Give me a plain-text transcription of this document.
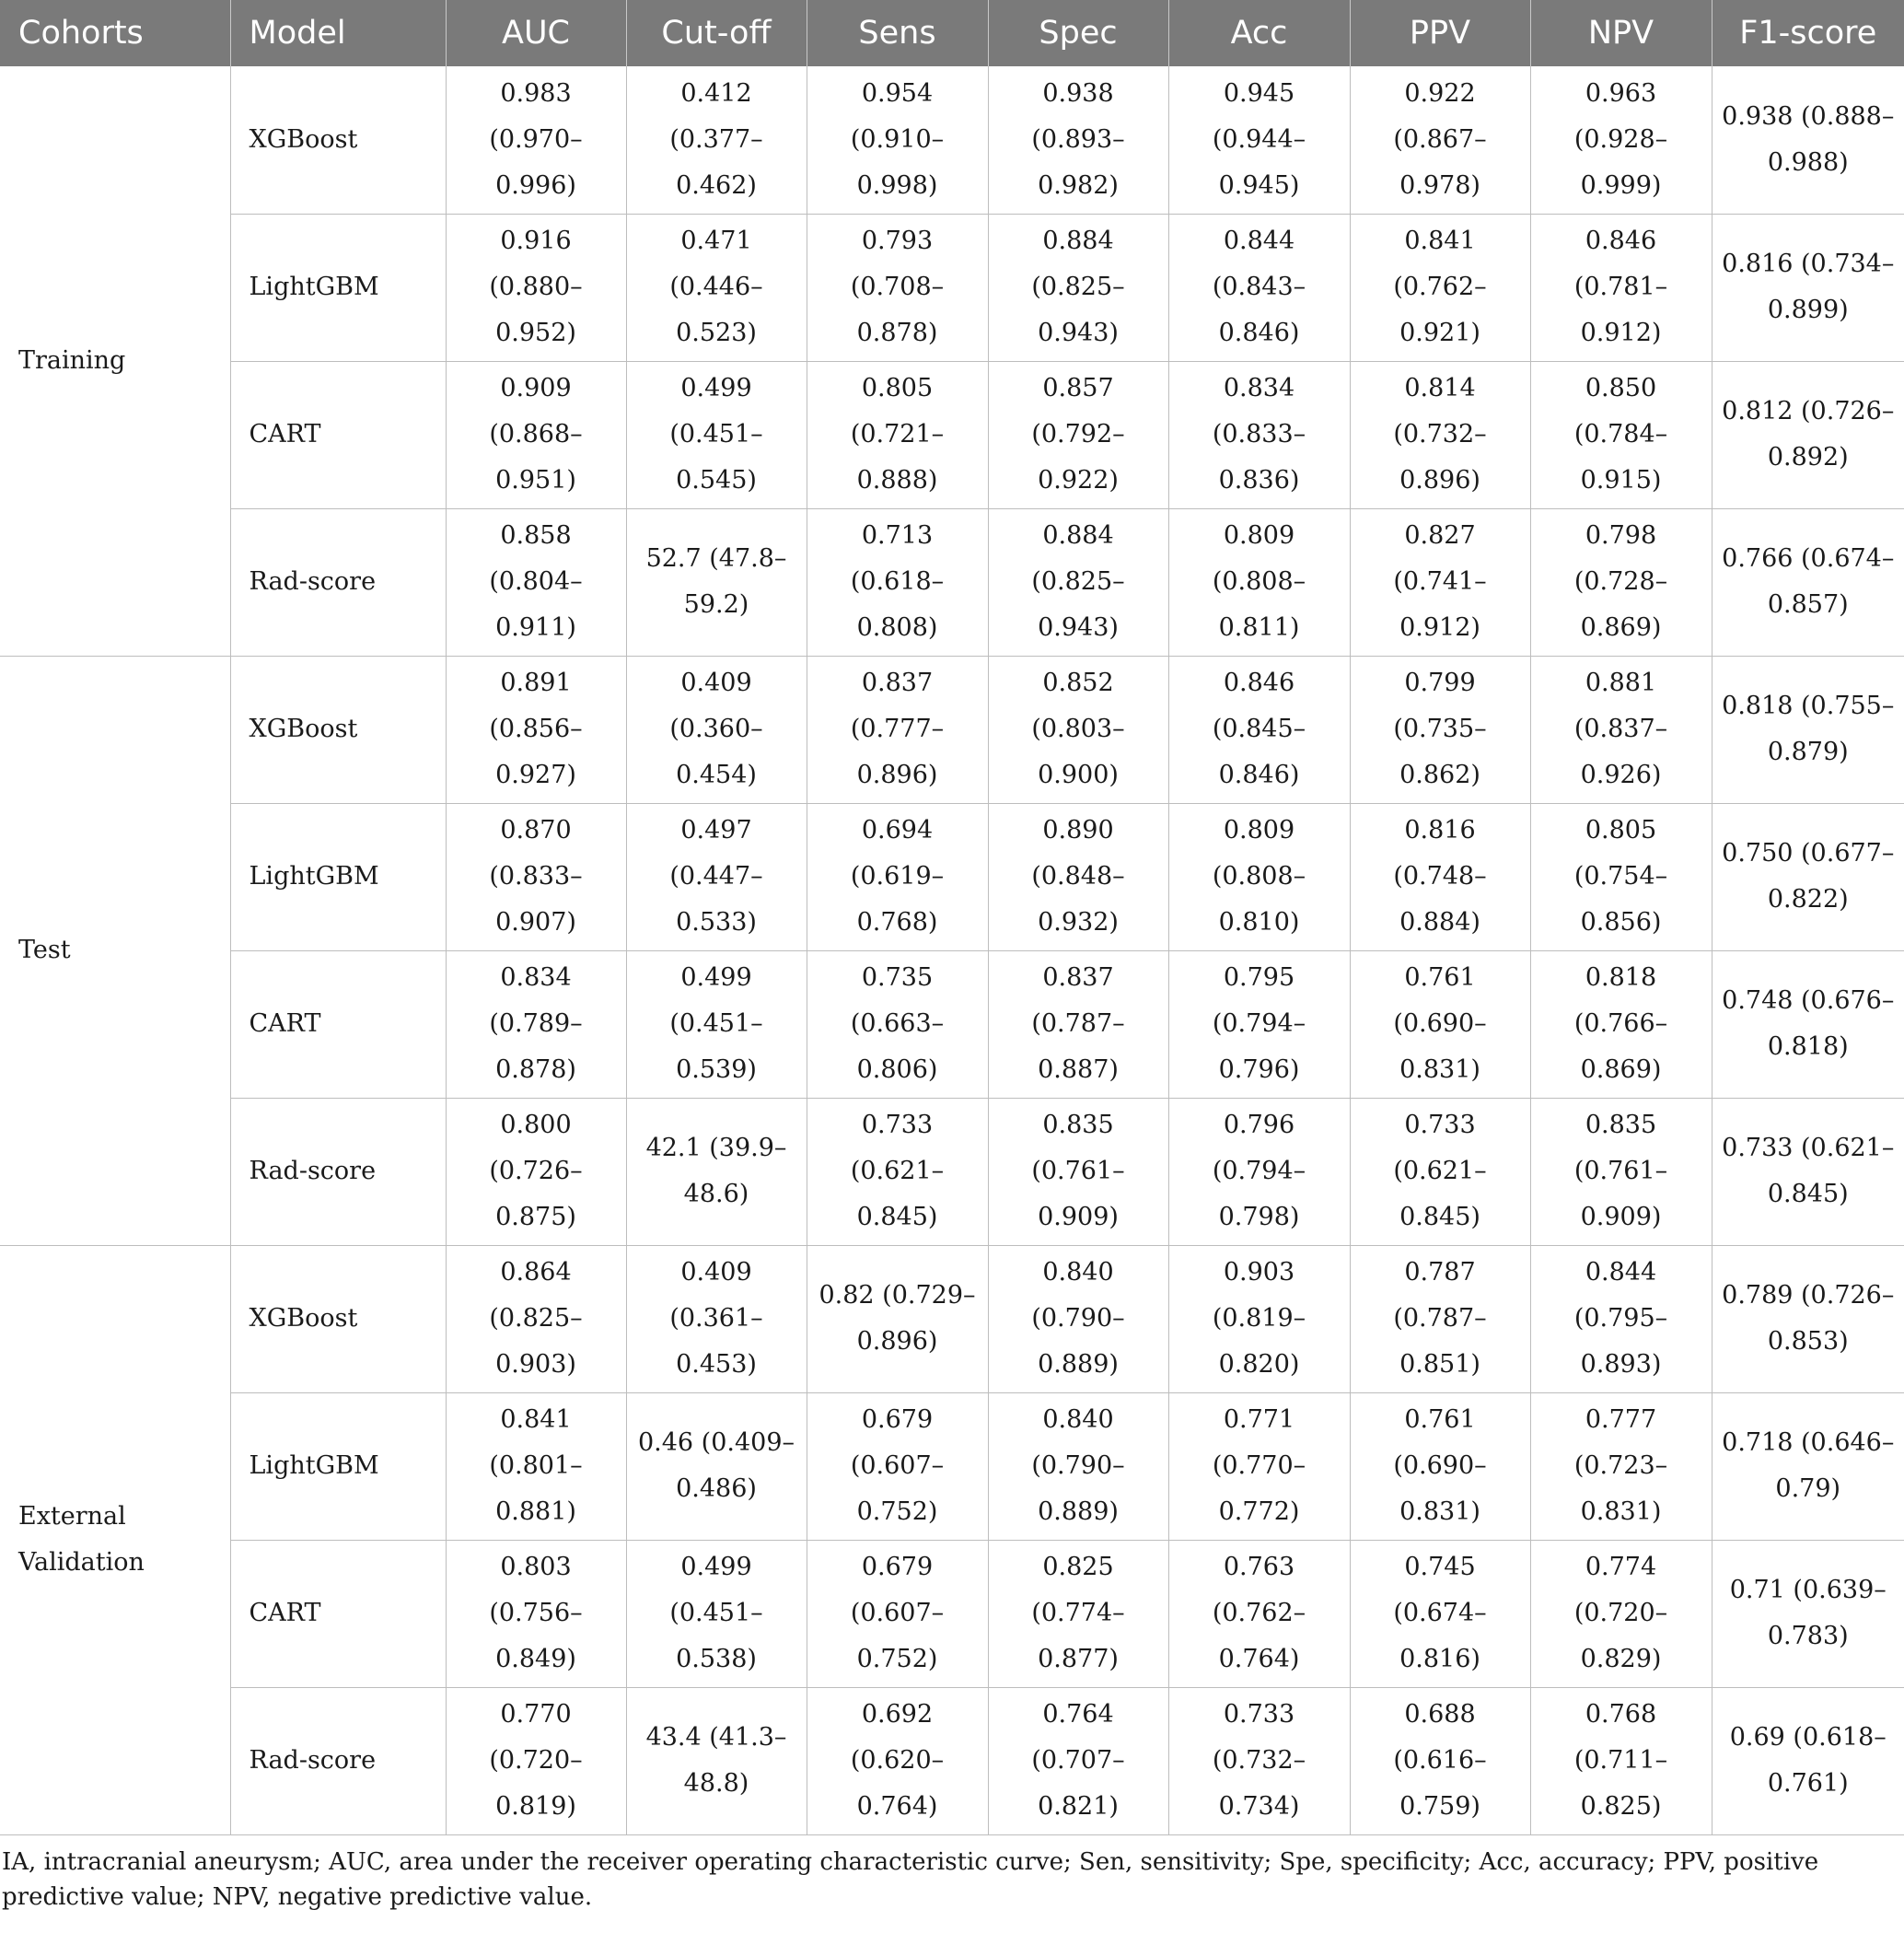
Cohorts	Model	AUC	Cut-off	Sens	Spec	Acc	PPV	NPV	F1-score
Training	XGBoost	0.983 (0.970–0.996)	0.412 (0.377–0.462)	0.954 (0.910–0.998)	0.938 (0.893–0.982)	0.945 (0.944–0.945)	0.922 (0.867–0.978)	0.963 (0.928–0.999)	0.938 (0.888–0.988)

	LightGBM	0.916 (0.880–0.952)	0.471 (0.446–0.523)	0.793 (0.708–0.878)	0.884 (0.825–0.943)	0.844 (0.843–0.846)	0.841 (0.762–0.921)	0.846 (0.781–0.912)	0.816 (0.734–0.899)

	CART	0.909 (0.868–0.951)	0.499 (0.451–0.545)	0.805 (0.721–0.888)	0.857 (0.792–0.922)	0.834 (0.833–0.836)	0.814 (0.732–0.896)	0.850 (0.784–0.915)	0.812 (0.726–0.892)

	Rad-score	0.858 (0.804–0.911)	52.7 (47.8–59.2)	0.713 (0.618–0.808)	0.884 (0.825–0.943)	0.809 (0.808–0.811)	0.827 (0.741–0.912)	0.798 (0.728–0.869)	0.766 (0.674–0.857)

Test	XGBoost	0.891 (0.856–0.927)	0.409 (0.360–0.454)	0.837 (0.777–0.896)	0.852 (0.803–0.900)	0.846 (0.845–0.846)	0.799 (0.735–0.862)	0.881 (0.837–0.926)	0.818 (0.755–0.879)

	LightGBM	0.870 (0.833–0.907)	0.497 (0.447–0.533)	0.694 (0.619–0.768)	0.890 (0.848–0.932)	0.809 (0.808–0.810)	0.816 (0.748–0.884)	0.805 (0.754–0.856)	0.750 (0.677–0.822)

	CART	0.834 (0.789–0.878)	0.499 (0.451–0.539)	0.735 (0.663–0.806)	0.837 (0.787–0.887)	0.795 (0.794–0.796)	0.761 (0.690–0.831)	0.818 (0.766–0.869)	0.748 (0.676–0.818)

	Rad-score	0.800 (0.726–0.875)	42.1 (39.9–48.6)	0.733 (0.621–0.845)	0.835 (0.761–0.909)	0.796 (0.794–0.798)	0.733 (0.621–0.845)	0.835 (0.761–0.909)	0.733 (0.621–0.845)

External Validation	XGBoost	0.864 (0.825–0.903)	0.409 (0.361–0.453)	0.82 (0.729–0.896)	0.840 (0.790–0.889)	0.903 (0.819–0.820)	0.787 (0.787–0.851)	0.844 (0.795–0.893)	0.789 (0.726–0.853)

	LightGBM	0.841 (0.801–0.881)	0.46 (0.409–0.486)	0.679 (0.607–0.752)	0.840 (0.790–0.889)	0.771 (0.770–0.772)	0.761 (0.690–0.831)	0.777 (0.723–0.831)	0.718 (0.646–0.79)

	CART	0.803 (0.756–0.849)	0.499 (0.451–0.538)	0.679 (0.607–0.752)	0.825 (0.774–0.877)	0.763 (0.762–0.764)	0.745 (0.674–0.816)	0.774 (0.720–0.829)	0.71 (0.639–0.783)

	Rad-score	0.770 (0.720–0.819)	43.4 (41.3–48.8)	0.692 (0.620–0.764)	0.764 (0.707–0.821)	0.733 (0.732–0.734)	0.688 (0.616–0.759)	0.768 (0.711–0.825)	0.69 (0.618–0.761)
IA, intracranial aneurysm; AUC, area under the receiver operating characteristic curve; Sen, sensitivity; Spe, specificity; Acc, accuracy; PPV, positive predictive value; NPV, negative predictive value.
